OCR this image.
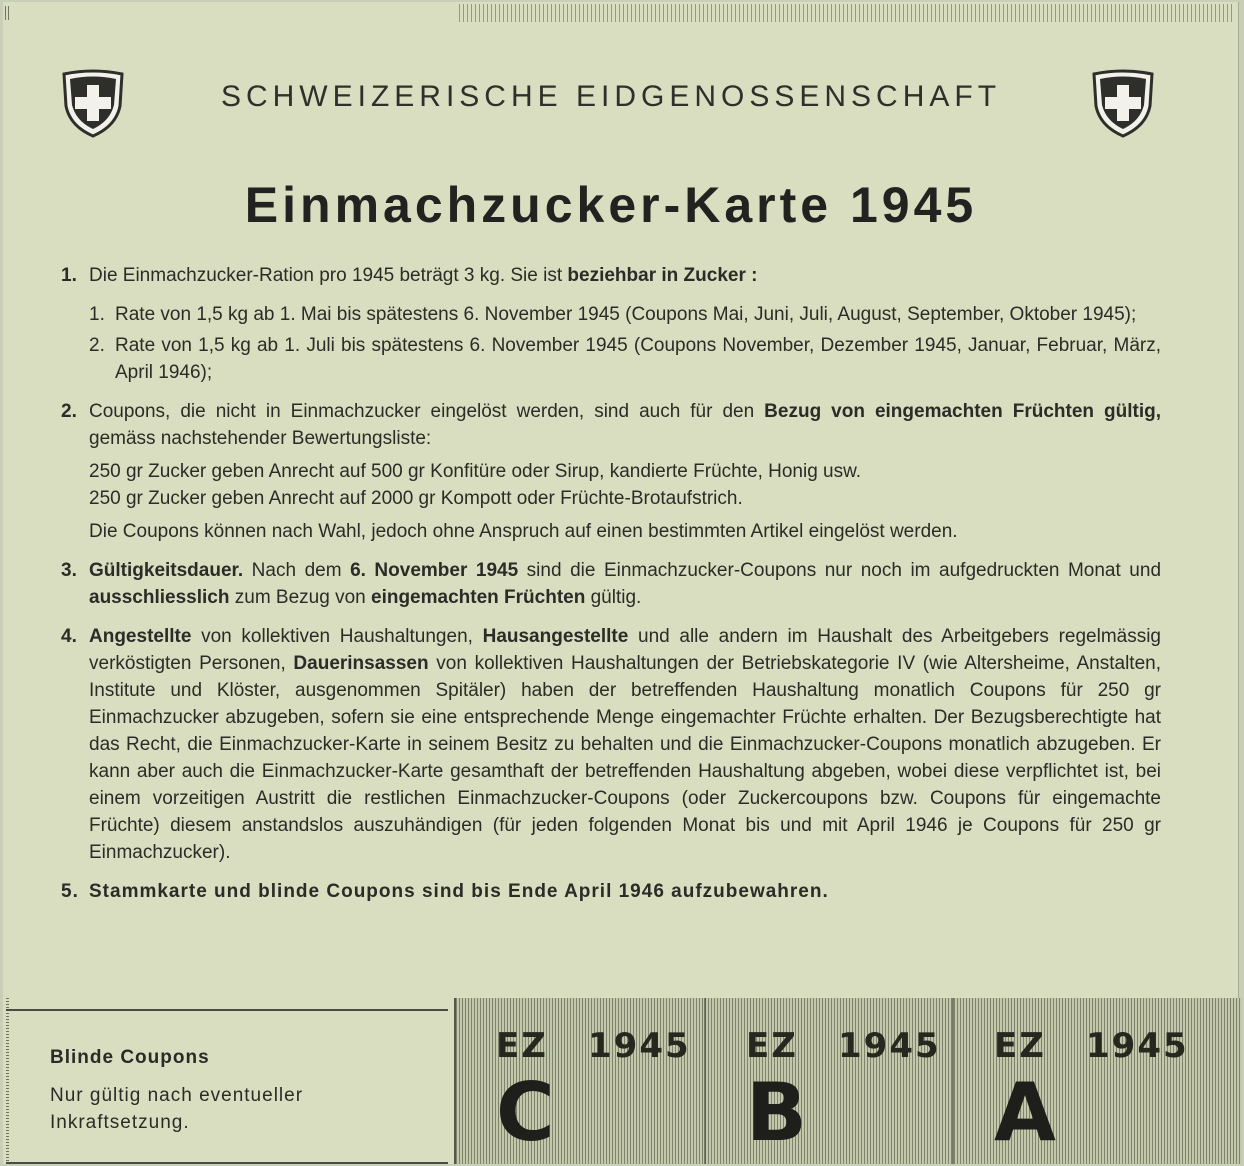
SCHWEIZERISCHE EIDGENOSSENSCHAFT
Einmachzucker-Karte 1945
1. Die Einmachzucker-Ration pro 1945 beträgt 3 kg. Sie ist beziehbar in Zucker :
1. Rate von 1,5 kg ab 1. Mai bis spätestens 6. November 1945 (Coupons Mai, Juni, Juli, August, September, Oktober 1945);
2. Rate von 1,5 kg ab 1. Juli bis spätestens 6. November 1945 (Coupons November, Dezember 1945, Januar, Februar, März, April 1946);
2. Coupons, die nicht in Einmachzucker eingelöst werden, sind auch für den Bezug von eingemachten Früchten gültig, gemäss nachstehender Bewertungsliste:
250 gr Zucker geben Anrecht auf 500 gr Konfitüre oder Sirup, kandierte Früchte, Honig usw.
250 gr Zucker geben Anrecht auf 2000 gr Kompott oder Früchte-Brotaufstrich.
Die Coupons können nach Wahl, jedoch ohne Anspruch auf einen bestimmten Artikel eingelöst werden.
3. Gültigkeitsdauer. Nach dem 6. November 1945 sind die Einmachzucker-Coupons nur noch im aufgedruckten Monat und ausschliesslich zum Bezug von eingemachten Früchten gültig.
4. Angestellte von kollektiven Haushaltungen, Hausangestellte und alle andern im Haushalt des Arbeitgebers regelmässig verköstigten Personen, Dauerinsassen von kollektiven Haushaltungen der Betriebskategorie IV (wie Altersheime, Anstalten, Institute und Klöster, ausgenommen Spitäler) haben der betreffenden Haushaltung monatlich Coupons für 250 gr Einmachzucker abzugeben, sofern sie eine entsprechende Menge eingemachter Früchte erhalten. Der Bezugsberechtigte hat das Recht, die Einmachzucker-Karte in seinem Besitz zu behalten und die Einmachzucker-Coupons monatlich abzugeben. Er kann aber auch die Einmachzucker-Karte gesamthaft der betreffenden Haushaltung abgeben, wobei diese verpflichtet ist, bei einem vorzeitigen Austritt die restlichen Einmachzucker-Coupons (oder Zuckercoupons bzw. Coupons für eingemachte Früchte) diesem anstandslos auszuhändigen (für jeden folgenden Monat bis und mit April 1946 je Coupons für 250 gr Einmachzucker).
5. Stammkarte und blinde Coupons sind bis Ende April 1946 aufzubewahren.
Blinde Coupons
Nur gültig nach eventueller Inkraftsetzung.
EZ 1945
C
EZ 1945
B
EZ 1945
A
